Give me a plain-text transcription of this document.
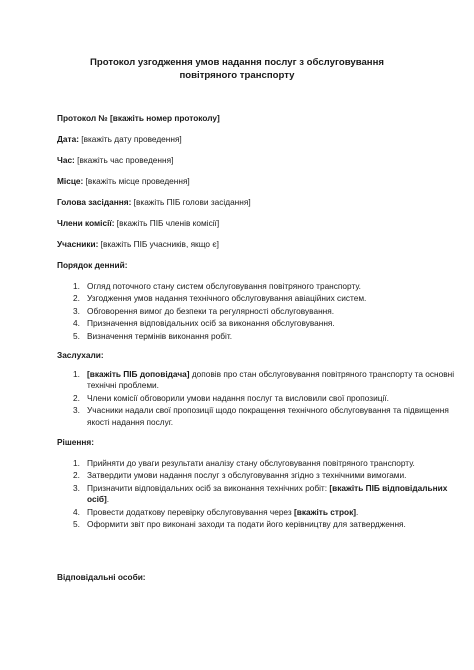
Протокол узгодження умов надання послуг з обслуговування повітряного транспорту
Протокол № [вкажіть номер протоколу]
Дата: [вкажіть дату проведення]
Час: [вкажіть час проведення]
Місце: [вкажіть місце проведення]
Голова засідання: [вкажіть ПІБ голови засідання]
Члени комісії: [вкажіть ПІБ членів комісії]
Учасники: [вкажіть ПІБ учасників, якщо є]
Порядок денний:
1. Огляд поточного стану систем обслуговування повітряного транспорту.
2. Узгодження умов надання технічного обслуговування авіаційних систем.
3. Обговорення вимог до безпеки та регулярності обслуговування.
4. Призначення відповідальних осіб за виконання обслуговування.
5. Визначення термінів виконання робіт.
Заслухали:
1. [вкажіть ПІБ доповідача] доповів про стан обслуговування повітряного транспорту та основні технічні проблеми.
2. Члени комісії обговорили умови надання послуг та висловили свої пропозиції.
3. Учасники надали свої пропозиції щодо покращення технічного обслуговування та підвищення якості надання послуг.
Рішення:
1. Прийняти до уваги результати аналізу стану обслуговування повітряного транспорту.
2. Затвердити умови надання послуг з обслуговування згідно з технічними вимогами.
3. Призначити відповідальних осіб за виконання технічних робіт: [вкажіть ПІБ відповідальних осіб].
4. Провести додаткову перевірку обслуговування через [вкажіть строк].
5. Оформити звіт про виконані заходи та подати його керівництву для затвердження.
Відповідальні особи:
